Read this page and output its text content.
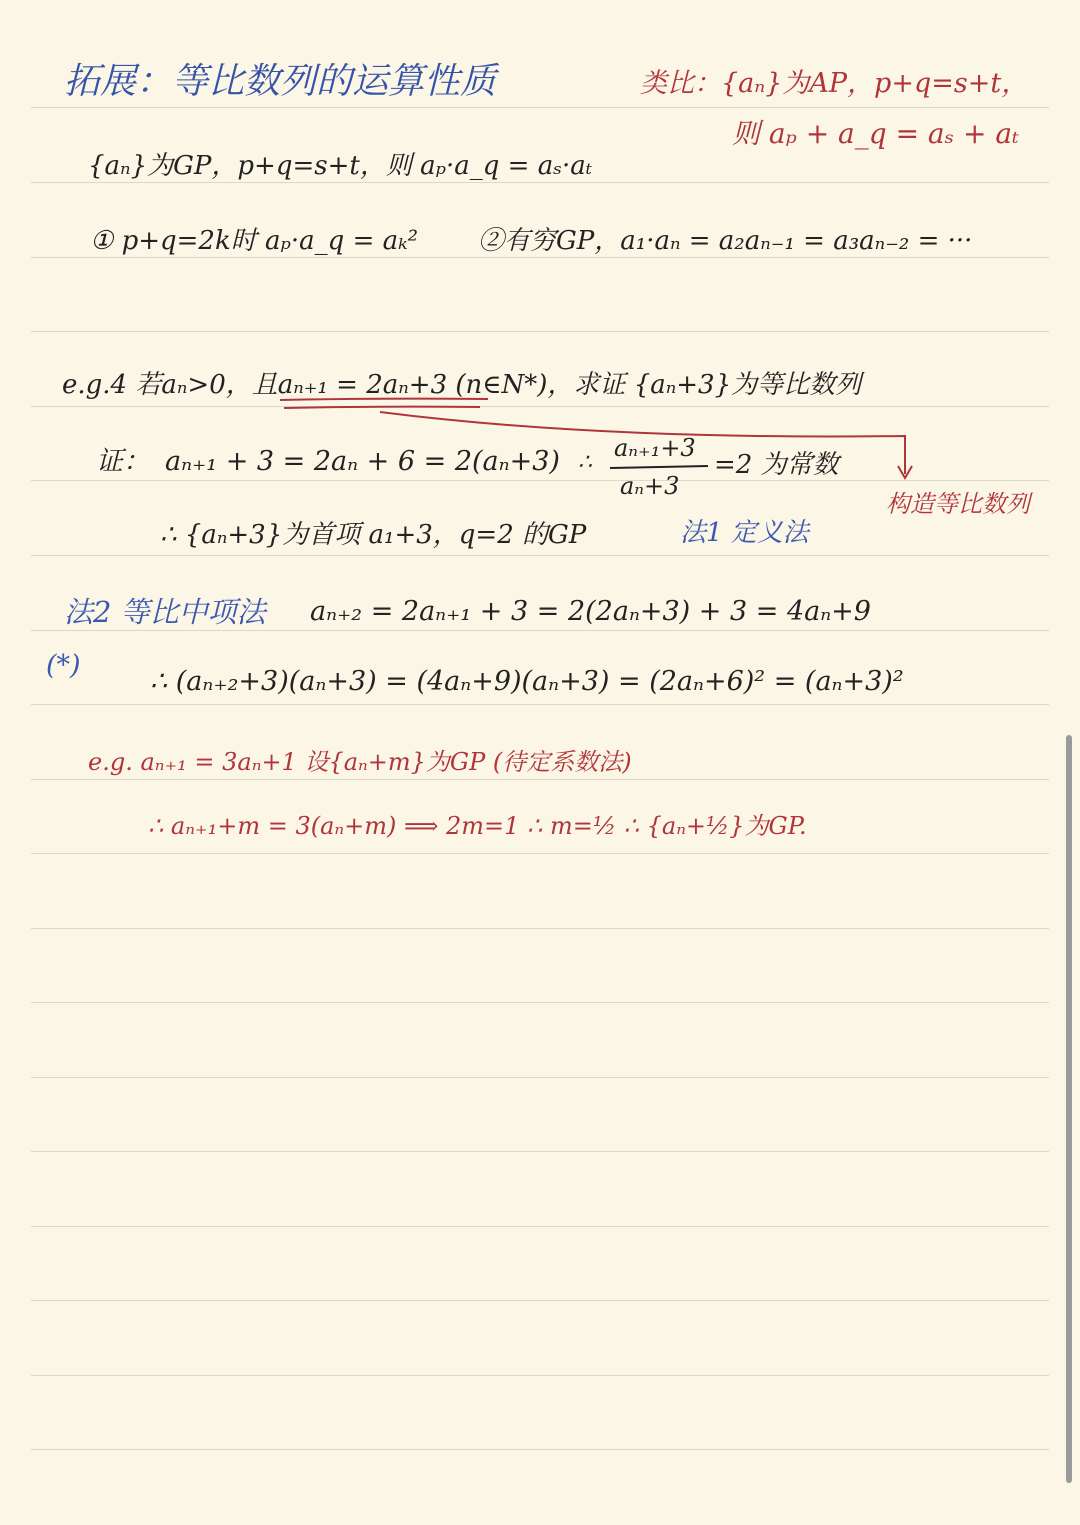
拓展：等比数列的运算性质	类比：{aₙ}为AP，p+q=s+t，
则 aₚ + a_q = aₛ + aₜ
{aₙ}为GP，p+q=s+t，则 aₚ·a_q = aₛ·aₜ
① p+q=2k时 aₚ·a_q = aₖ² ②有穷GP，a₁·aₙ = a₂aₙ₋₁ = a₃aₙ₋₂ = ···
e.g.4 若aₙ>0，且aₙ₊₁ = 2aₙ+3 (n∈N*)，求证 {aₙ+3}为等比数列
证： aₙ₊₁ + 3 = 2aₙ + 6 = 2(aₙ+3) ∴
aₙ₊₁+3
aₙ+3
=2 为常数
构造等比数列
∴ {aₙ+3}为首项 a₁+3，q=2 的GP	法1 定义法
法2 等比中项法 aₙ₊₂ = 2aₙ₊₁ + 3 = 2(2aₙ+3) + 3 = 4aₙ+9
(*)
∴ (aₙ₊₂+3)(aₙ+3) = (4aₙ+9)(aₙ+3) = (2aₙ+6)² = (aₙ+3)²
e.g. aₙ₊₁ = 3aₙ+1 设{aₙ+m}为GP (待定系数法)
∴ aₙ₊₁+m = 3(aₙ+m) ⟹ 2m=1 ∴ m=½ ∴ {aₙ+½}为GP.
